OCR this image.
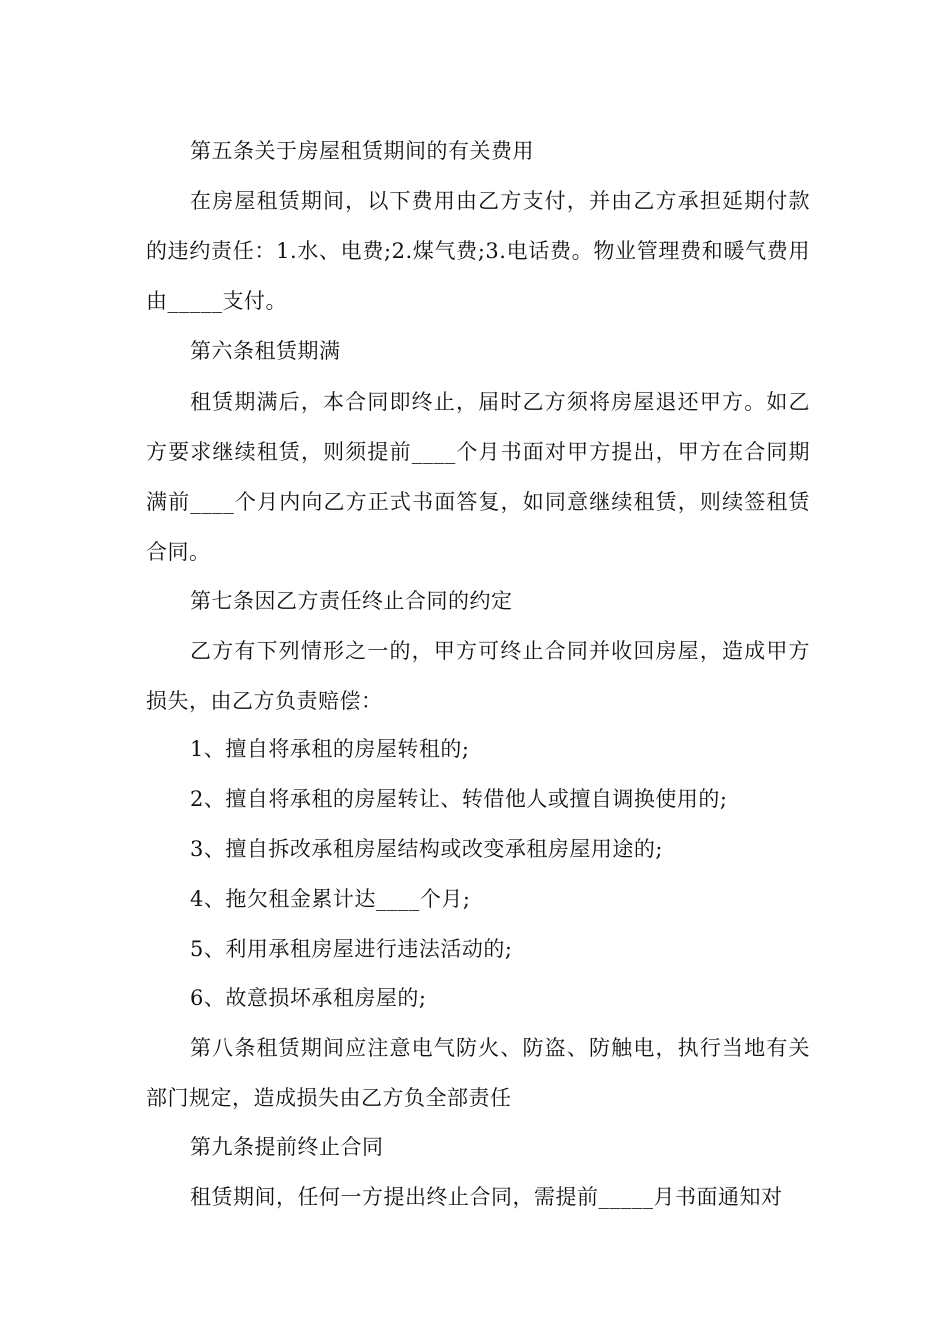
第五条关于房屋租赁期间的有关费用

在房屋租赁期间，以下费用由乙方支付，并由乙方承担延期付款的违约责任：1.水、电费;2.煤气费;3.电话费。物业管理费和暖气费用由_____支付。

第六条租赁期满

租赁期满后，本合同即终止，届时乙方须将房屋退还甲方。如乙方要求继续租赁，则须提前____个月书面对甲方提出，甲方在合同期满前____个月内向乙方正式书面答复，如同意继续租赁，则续签租赁合同。

第七条因乙方责任终止合同的约定

乙方有下列情形之一的，甲方可终止合同并收回房屋，造成甲方损失，由乙方负责赔偿：

1、擅自将承租的房屋转租的;

2、擅自将承租的房屋转让、转借他人或擅自调换使用的;

3、擅自拆改承租房屋结构或改变承租房屋用途的;

4、拖欠租金累计达____个月;

5、利用承租房屋进行违法活动的;

6、故意损坏承租房屋的;

第八条租赁期间应注意电气防火、防盗、防触电，执行当地有关部门规定，造成损失由乙方负全部责任

第九条提前终止合同

租赁期间，任何一方提出终止合同，需提前_____月书面通知对
